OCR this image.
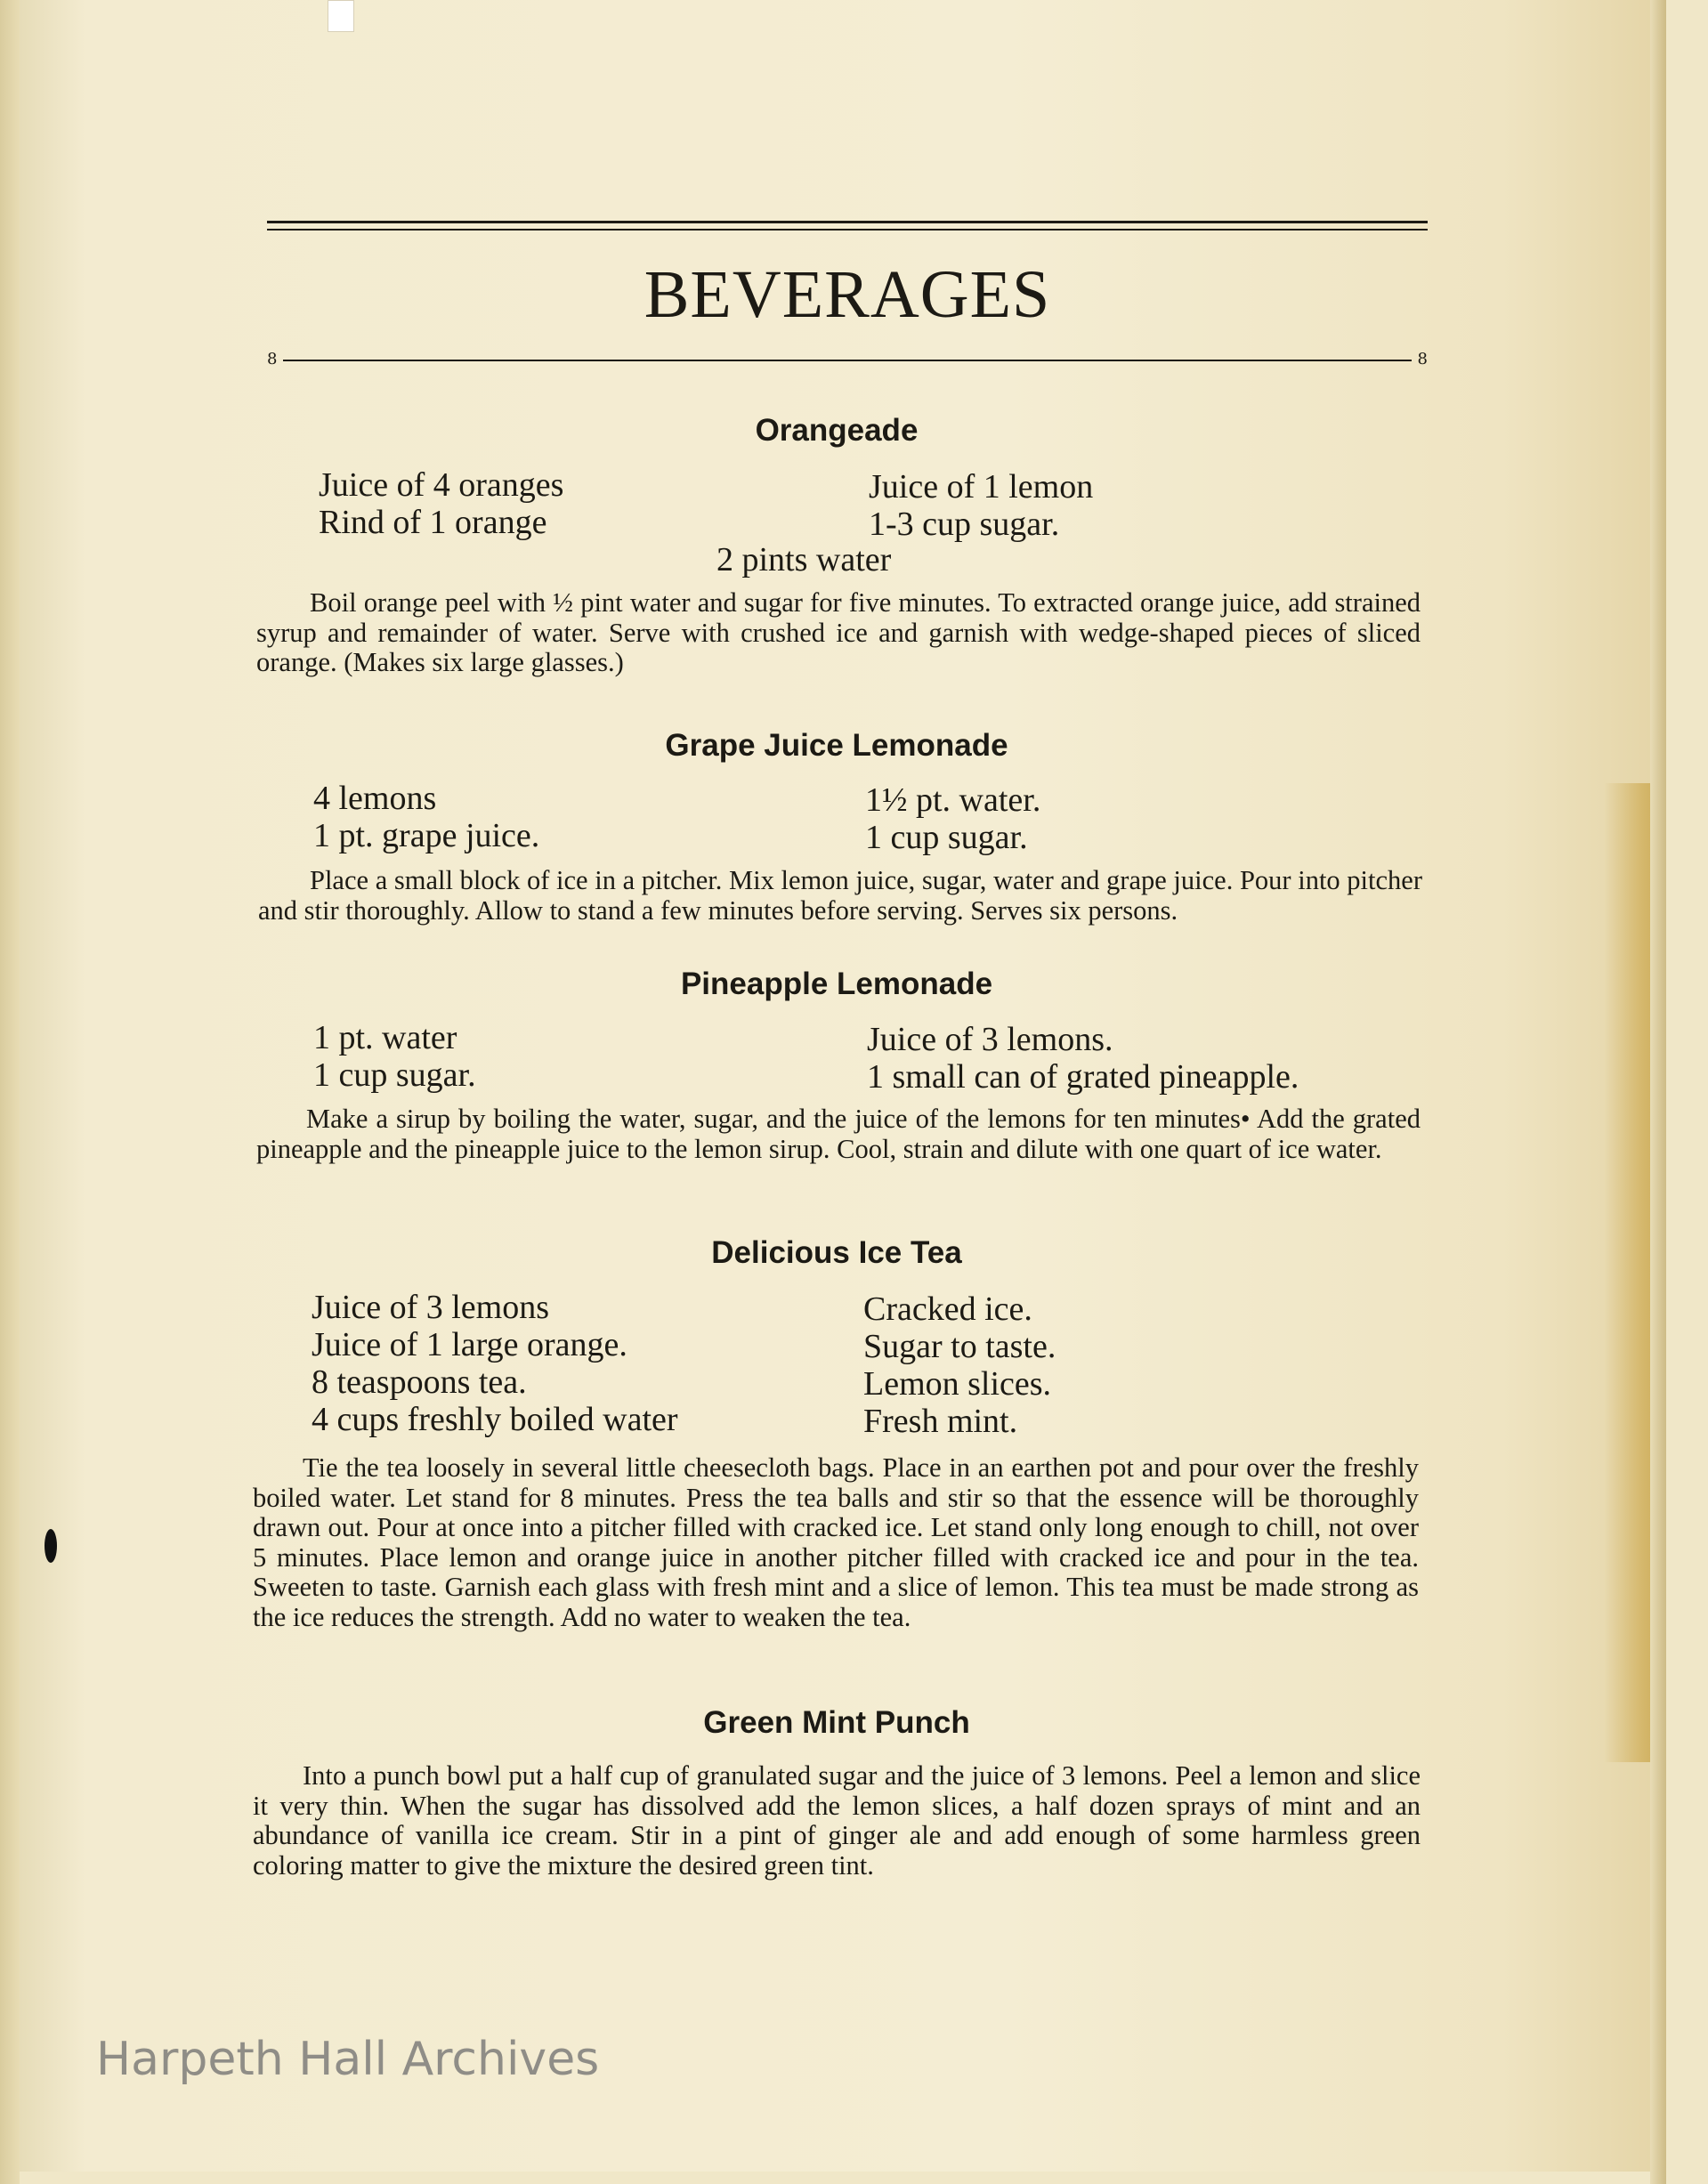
BEVERAGES
8	8
Orangeade

Juice of 4 oranges

Rind of 1 orange

Juice of 1 lemon

1-3 cup sugar.

2 pints water

Boil orange peel with ½ pint water and sugar for five minutes. To extracted orange juice, add strained syrup and remainder of water. Serve with crushed ice and garnish with wedge-shaped pieces of sliced orange. (Makes six large glasses.)

Grape Juice Lemonade

4 lemons

1 pt. grape juice.

1½ pt. water.

1 cup sugar.

Place a small block of ice in a pitcher. Mix lemon juice, sugar, water and grape juice. Pour into pitcher and stir thoroughly. Allow to stand a few minutes before serving. Serves six persons.

Pineapple Lemonade

1 pt. water

1 cup sugar.

Juice of 3 lemons.

1 small can of grated pineapple.

Make a sirup by boiling the water, sugar, and the juice of the lemons for ten minutes• Add the grated pineapple and the pineapple juice to the lemon sirup. Cool, strain and dilute with one quart of ice water.

Delicious Ice Tea

Juice of 3 lemons

Juice of 1 large orange.

8 teaspoons tea.

4 cups freshly boiled water

Cracked ice.

Sugar to taste.

Lemon slices.

Fresh mint.

Tie the tea loosely in several little cheesecloth bags. Place in an earthen pot and pour over the freshly boiled water. Let stand for 8 minutes. Press the tea balls and stir so that the essence will be thoroughly drawn out. Pour at once into a pitcher filled with cracked ice. Let stand only long enough to chill, not over 5 minutes. Place lemon and orange juice in another pitcher filled with cracked ice and pour in the tea. Sweeten to taste. Garnish each glass with fresh mint and a slice of lemon. This tea must be made strong as the ice reduces the strength. Add no water to weaken the tea.

Green Mint Punch

Into a punch bowl put a half cup of granulated sugar and the juice of 3 lemons. Peel a lemon and slice it very thin. When the sugar has dissolved add the lemon slices, a half dozen sprays of mint and an abundance of vanilla ice cream. Stir in a pint of ginger ale and add enough of some harmless green coloring matter to give the mixture the desired green tint.

Harpeth Hall Archives
